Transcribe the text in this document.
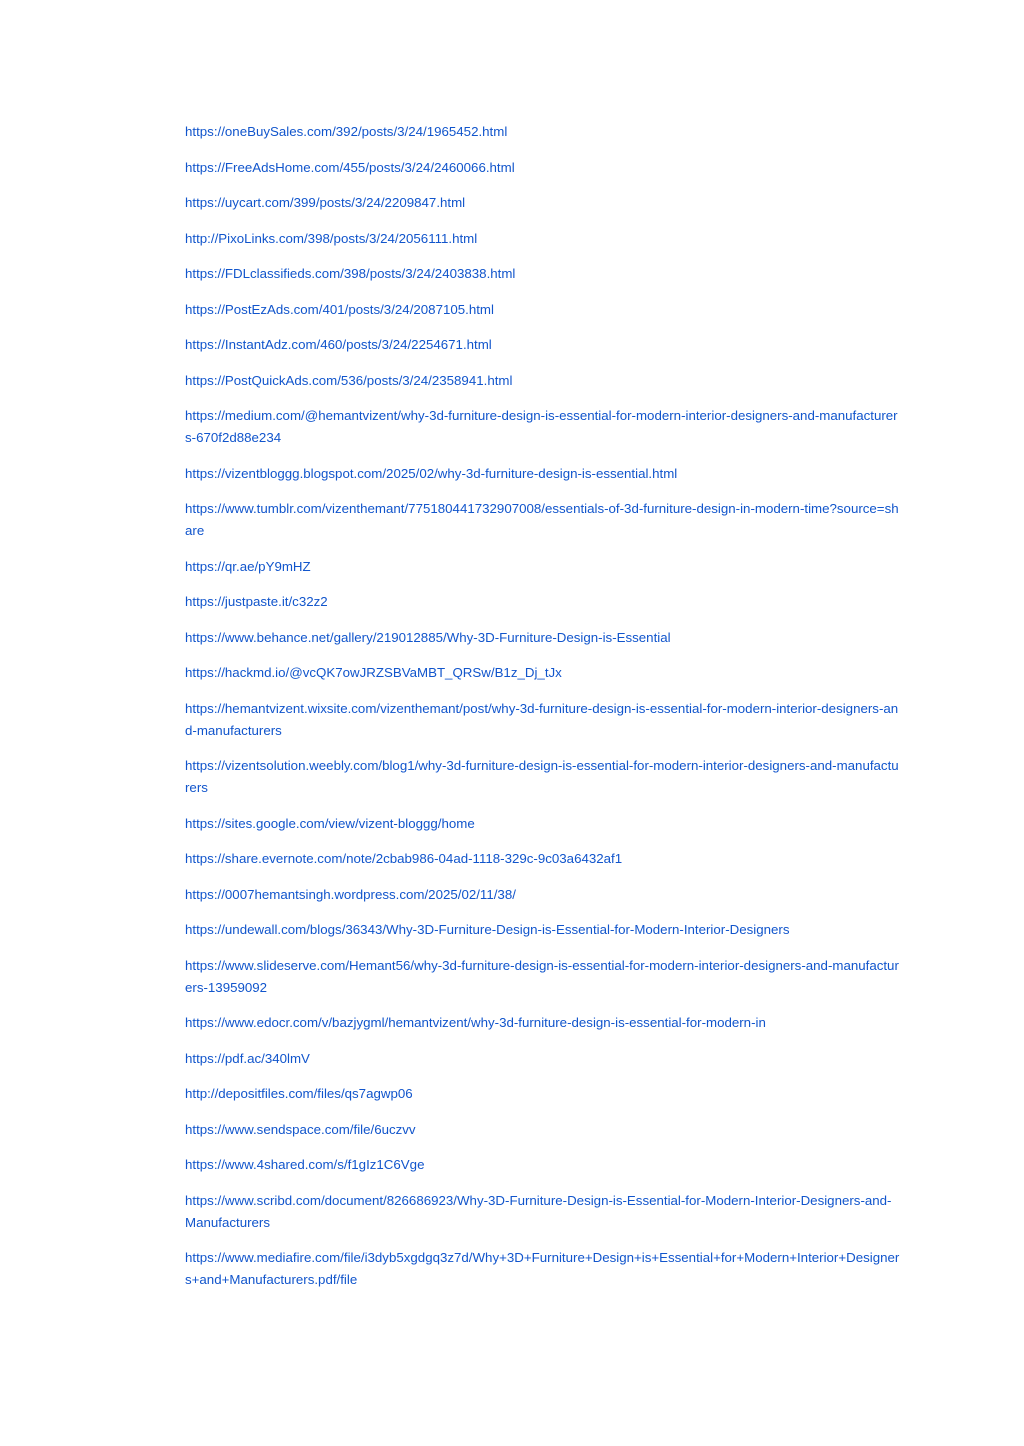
https://oneBuySales.com/392/posts/3/24/1965452.html
https://FreeAdsHome.com/455/posts/3/24/2460066.html
https://uycart.com/399/posts/3/24/2209847.html
http://PixoLinks.com/398/posts/3/24/2056111.html
https://FDLclassifieds.com/398/posts/3/24/2403838.html
https://PostEzAds.com/401/posts/3/24/2087105.html
https://InstantAdz.com/460/posts/3/24/2254671.html
https://PostQuickAds.com/536/posts/3/24/2358941.html
https://medium.com/@hemantvizent/why-3d-furniture-design-is-essential-for-modern-interior-designers-and-manufacturers-670f2d88e234
https://vizentbloggg.blogspot.com/2025/02/why-3d-furniture-design-is-essential.html
https://www.tumblr.com/vizenthemant/775180441732907008/essentials-of-3d-furniture-design-in-modern-time?source=share
https://qr.ae/pY9mHZ
https://justpaste.it/c32z2
https://www.behance.net/gallery/219012885/Why-3D-Furniture-Design-is-Essential
https://hackmd.io/@vcQK7owJRZSBVaMBT_QRSw/B1z_Dj_tJx
https://hemantvizent.wixsite.com/vizenthemant/post/why-3d-furniture-design-is-essential-for-modern-interior-designers-and-manufacturers
https://vizentsolution.weebly.com/blog1/why-3d-furniture-design-is-essential-for-modern-interior-designers-and-manufacturers
https://sites.google.com/view/vizent-bloggg/home
https://share.evernote.com/note/2cbab986-04ad-1118-329c-9c03a6432af1
https://0007hemantsingh.wordpress.com/2025/02/11/38/
https://undewall.com/blogs/36343/Why-3D-Furniture-Design-is-Essential-for-Modern-Interior-Designers
https://www.slideserve.com/Hemant56/why-3d-furniture-design-is-essential-for-modern-interior-designers-and-manufacturers-13959092
https://www.edocr.com/v/bazjygml/hemantvizent/why-3d-furniture-design-is-essential-for-modern-in
https://pdf.ac/340lmV
http://depositfiles.com/files/qs7agwp06
https://www.sendspace.com/file/6uczvv
https://www.4shared.com/s/f1gIz1C6Vge
https://www.scribd.com/document/826686923/Why-3D-Furniture-Design-is-Essential-for-Modern-Interior-Designers-and-Manufacturers
https://www.mediafire.com/file/i3dyb5xgdgq3z7d/Why+3D+Furniture+Design+is+Essential+for+Modern+Interior+Designers+and+Manufacturers.pdf/file
